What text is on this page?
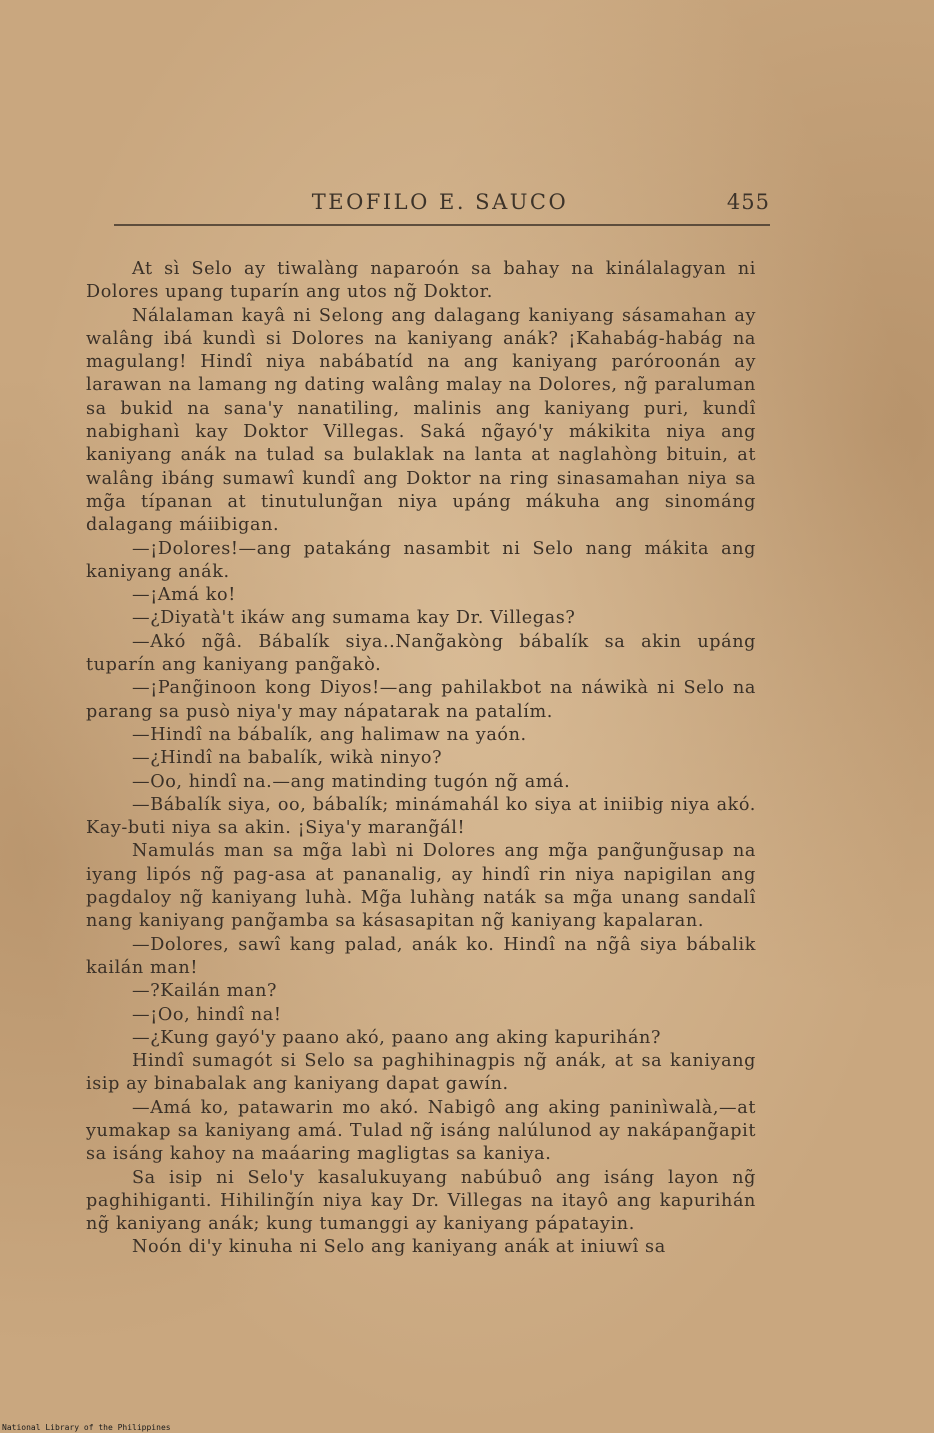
TEOFILO E. SAUCO	455

At sì Selo ay tiwalàng naparoón sa bahay na kinálalagyan ni Dolores upang tuparín ang utos ng̃ Doktor.

Nálalaman kayâ ni Selong ang dalagang kaniyang sásamahan ay walâng ibá kundì si Dolores na kaniyang anák? ¡Kahabág-habág na magulang! Hindî niya nabábatíd na ang kaniyang paróroonán ay larawan na lamang ng dating walâng malay na Dolores, ng̃ paraluman sa bukid na sana'y nanatiling, malinis ang kaniyang puri, kundî nabighanì kay Doktor Villegas. Saká ng̃ayó'y mákikita niya ang kaniyang anák na tulad sa bulaklak na lanta at naglahòng bituin, at walâng ibáng sumawî kundî ang Doktor na ring sinasamahan niya sa mg̃a típanan at tinutulung̃an niya upáng mákuha ang sinománg dalagang máiibigan.

—¡Dolores!—ang patakáng nasambit ni Selo nang mákita ang kaniyang anák.

—¡Amá ko!

—¿Diyatà't ikáw ang sumama kay Dr. Villegas?

—Akó ng̃â. Bábalík siya..Nang̃akòng bábalík sa akin upáng tuparín ang kaniyang pang̃akò.

—¡Pang̃inoon kong Diyos!—ang pahilakbot na náwikà ni Selo na parang sa pusò niya'y may nápatarak na patalím.

—Hindî na bábalík, ang halimaw na yaón.

—¿Hindî na babalík, wikà ninyo?

—Oo, hindî na.—ang matinding tugón ng̃ amá.

—Bábalík siya, oo, bábalík; minámahál ko siya at iniibig niya akó. Kay-buti niya sa akin. ¡Siya'y marang̃ál!

Namulás man sa mg̃a labì ni Dolores ang mg̃a pang̃ung̃usap na iyang lipós ng̃ pag-asa at pananalig, ay hindî rin niya napigilan ang pagdaloy ng̃ kaniyang luhà. Mg̃a luhàng naták sa mg̃a unang sandalî nang kaniyang pang̃amba sa kásasapitan ng̃ kaniyang kapalaran.

—Dolores, sawî kang palad, anák ko. Hindî na ng̃â siya bábalik kailán man!

—?Kailán man?

—¡Oo, hindî na!

—¿Kung gayó'y paano akó, paano ang aking kapurihán?

Hindî sumagót si Selo sa paghihinagpis ng̃ anák, at sa kaniyang isip ay binabalak ang kaniyang dapat gawín.

—Amá ko, patawarin mo akó. Nabigô ang aking paninìwalà,—at yumakap sa kaniyang amá. Tulad ng̃ isáng nalúlunod ay nakápang̃apit sa isáng kahoy na maáaring magligtas sa kaniya.

Sa isip ni Selo'y kasalukuyang nabúbuô ang isáng layon ng̃ paghihiganti. Hihiling̃ín niya kay Dr. Villegas na itayô ang kapurihán ng̃ kaniyang anák; kung tumanggi ay kaniyang pápatayin.

Noón di'y kinuha ni Selo ang kaniyang anák at iniuwî sa

National Library of the Philippines
